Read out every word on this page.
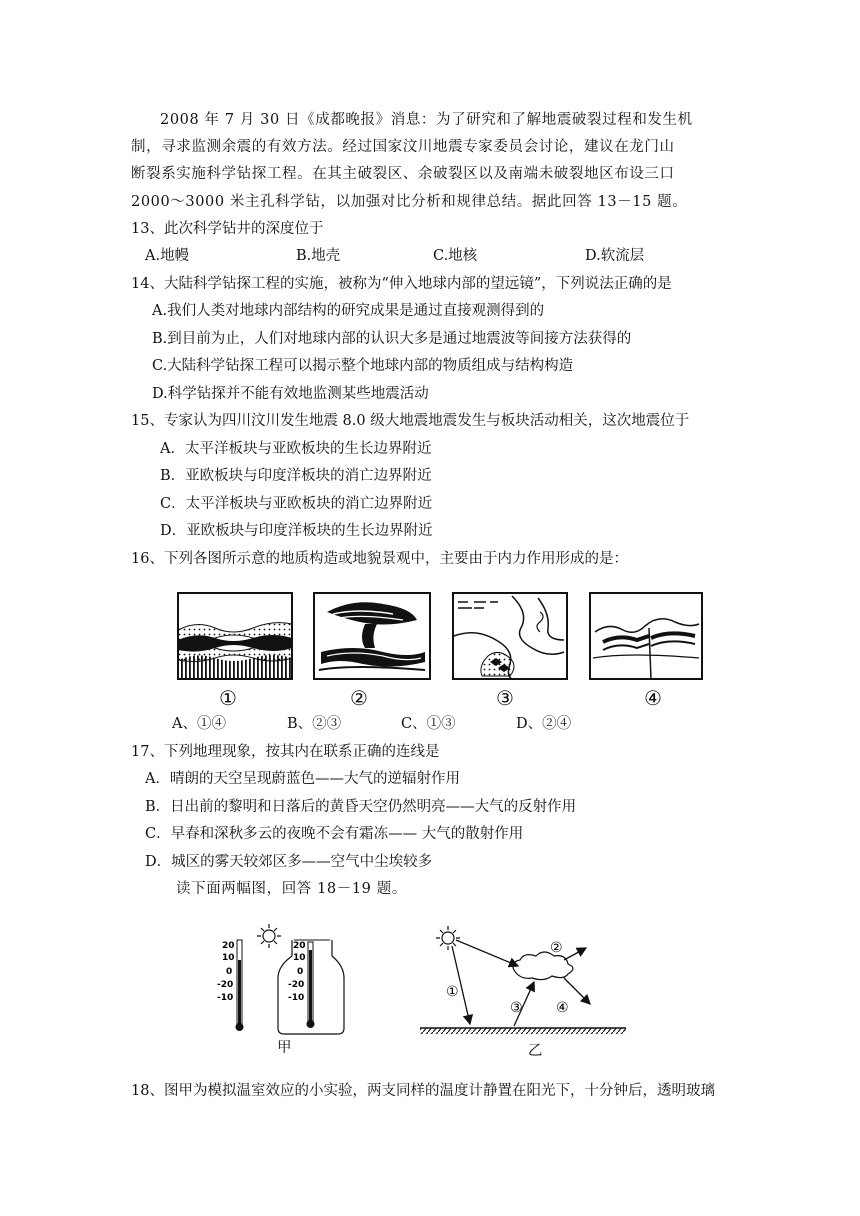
2008 年 7 月 30 日《成都晚报》消息：为了研究和了解地震破裂过程和发生机
制，寻求监测余震的有效方法。经过国家汶川地震专家委员会讨论，建议在龙门山
断裂系实施科学钻探工程。在其主破裂区、余破裂区以及南端未破裂地区布设三口
2000～3000 米主孔科学钻，以加强对比分析和规律总结。据此回答 13－15 题。
13、此次科学钻井的深度位于
A.地幔	B.地壳	C.地核	D.软流层
14、大陆科学钻探工程的实施，被称为“伸入地球内部的望远镜”，下列说法正确的是
A.我们人类对地球内部结构的研究成果是通过直接观测得到的
B.到目前为止，人们对地球内部的认识大多是通过地震波等间接方法获得的
C.大陆科学钻探工程可以揭示整个地球内部的物质组成与结构构造
D.科学钻探并不能有效地监测某些地震活动
15、专家认为四川汶川发生地震 8.0 级大地震地震发生与板块活动相关，这次地震位于
A．太平洋板块与亚欧板块的生长边界附近
B．亚欧板块与印度洋板块的消亡边界附近
C．太平洋板块与亚欧板块的消亡边界附近
D．亚欧板块与印度洋板块的生长边界附近
16、下列各图所示意的地质构造或地貌景观中，主要由于内力作用形成的是：
①	②	③	④
A、①④	B、②③	C、①③	D、②④
17、下列地理现象，按其内在联系正确的连线是
A．晴朗的天空呈现蔚蓝色——大气的逆辐射作用
B．日出前的黎明和日落后的黄昏天空仍然明亮——大气的反射作用
C．早春和深秋多云的夜晚不会有霜冻—— 大气的散射作用
D．城区的雾天较郊区多——空气中尘埃较多
读下面两幅图，回答 18－19 题。
20
10
0
-20
-10
20
10
0
-20
-10
甲
①
②
③ ④
乙
18、图甲为模拟温室效应的小实验，两支同样的温度计静置在阳光下，十分钟后，透明玻璃
